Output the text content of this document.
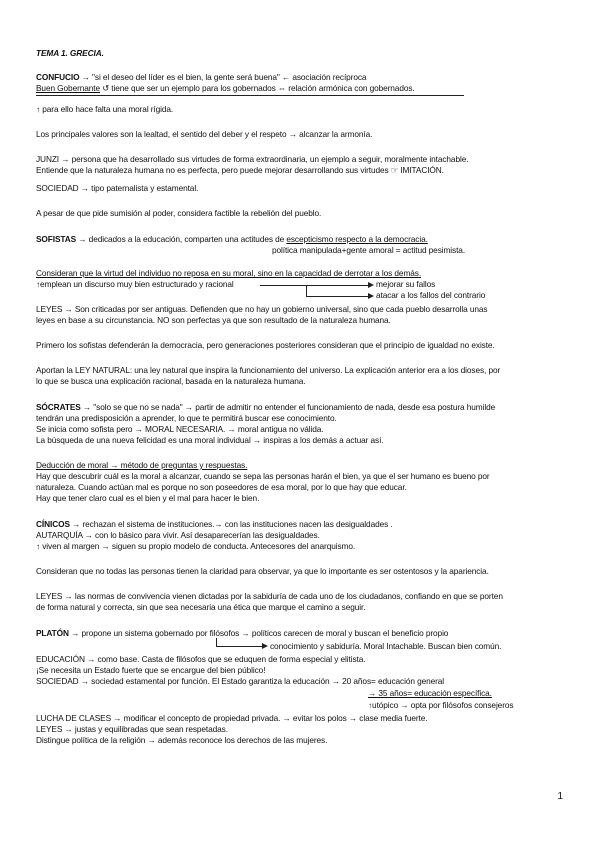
TEMA 1. GRECIA.
CONFUCIO → "si el deseo del líder es el bien, la gente será buena" ← asociación recíproca
Buen Gobernante ↺ tiene que ser un ejemplo para los gobernados ⇔ relación armónica con gobernados.
↑ para ello hace falta una moral rígida.
Los principales valores son la lealtad, el sentido del deber y el respeto → alcanzar la armonía.
JUNZI → persona que ha desarrollado sus virtudes de forma extraordinaria, un ejemplo a seguir, moralmente intachable.
Entiende que la naturaleza humana no es perfecta, pero puede mejorar desarrollando sus virtudes ☞ IMITACIÓN.
SOCIEDAD → tipo paternalista y estamental.
A pesar de que pide sumisión al poder, considera factible la rebelión del pueblo.
SOFISTAS → dedicados a la educación, comparten una actitudes de escepticismo respecto a la democracia.
política manipulada+gente amoral = actitud pesimista.
Consideran que la virtud del individuo no reposa en su moral, sino en la capacidad de derrotar a los demás.
↑emplean un discurso muy bien estructurado y racional	mejorar su fallos
atacar a los fallos del contrario
LEYES → Son criticadas por ser antiguas. Defienden que no hay un gobierno universal, sino que cada pueblo desarrolla unas
leyes en base a su circunstancia. NO son perfectas ya que son resultado de la naturaleza humana.
Primero los sofistas defenderán la democracia, pero generaciones posteriores consideran que el principio de igualdad no existe.
Aportan la LEY NATURAL: una ley natural que inspira la funcionamiento del universo. La explicación anterior era a los dioses, por
lo que se busca una explicación racional, basada en la naturaleza humana.
SÓCRATES → "solo se que no se nada" → partir de admitir no entender el funcionamiento de nada, desde esa postura humilde
tendrán una predisposición a aprender, lo que te permitirá buscar ese conocimiento.
Se inicia como sofista pero → MORAL NECESARIA. → moral antigua no válida.
La búsqueda de una nueva felicidad es una moral individual → inspiras a los demás a actuar así.
Deducción de moral → método de preguntas y respuestas.
Hay que descubrir cuál es la moral a alcanzar, cuando se sepa las personas harán el bien, ya que el ser humano es bueno por
naturaleza. Cuando actúan mal es porque no son poseedores de esa moral, por lo que hay que educar.
Hay que tener claro cual es el bien y el mal para hacer le bien.
CÍNICOS → rechazan el sistema de instituciones.→ con las instituciones nacen las desigualdades .
AUTARQUÍA → con lo básico para vivir. Así desaparecerían las desigualdades.
↑ viven al margen → siguen su propio modelo de conducta. Antecesores del anarquismo.
Consideran que no todas las personas tienen la claridad para observar, ya que lo importante es ser ostentosos y la apariencia.
LEYES → las normas de convivencia vienen dictadas por la sabiduría de cada uno de los ciudadanos, confiando en que se porten
de forma natural y correcta, sin que sea necesaria una ética que marque el camino a seguir.
PLATÓN → propone un sistema gobernado por filósofos → políticos carecen de moral y buscan el beneficio propio
conocimiento y sabiduría. Moral Intachable. Buscan bien común.
EDUCACIÓN → como base. Casta de filósofos que se eduquen de forma especial y elitista.
¡Se necesita un Estado fuerte que se encargue del bien público!
SOCIEDAD → sociedad estamental por función. El Estado garantiza la educación → 20 años= educación general
→ 35 años= educación específica.
↑utópico → opta por filósofos consejeros
LUCHA DE CLASES → modificar el concepto de propiedad privada. → evitar los polos → clase media fuerte.
LEYES → justas y equilibradas que sean respetadas.
Distingue política de la religión → además reconoce los derechos de las mujeres.
1
